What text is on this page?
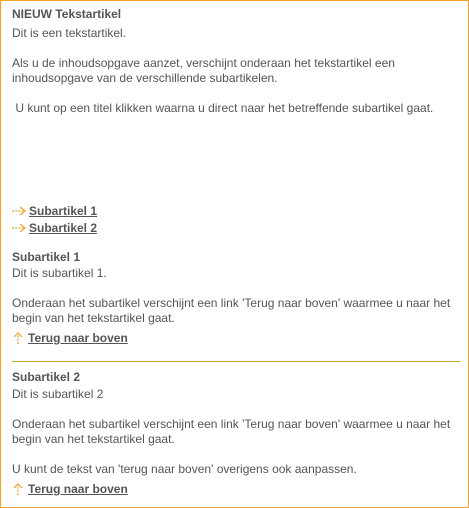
NIEUW Tekstartikel
Dit is een tekstartikel.
Als u de inhoudsopgave aanzet, verschijnt onderaan het tekstartikel een inhoudsopgave van de verschillende subartikelen.
U kunt op een titel klikken waarna u direct naar het betreffende subartikel gaat.
Subartikel 1
Subartikel 2
Subartikel 1
Dit is subartikel 1.
Onderaan het subartikel verschijnt een link 'Terug naar boven' waarmee u naar het begin van het tekstartikel gaat.
Terug naar boven
Subartikel 2
Dit is subartikel 2
Onderaan het subartikel verschijnt een link 'Terug naar boven' waarmee u naar het begin van het tekstartikel gaat.
U kunt de tekst van 'terug naar boven' overigens ook aanpassen.
Terug naar boven
